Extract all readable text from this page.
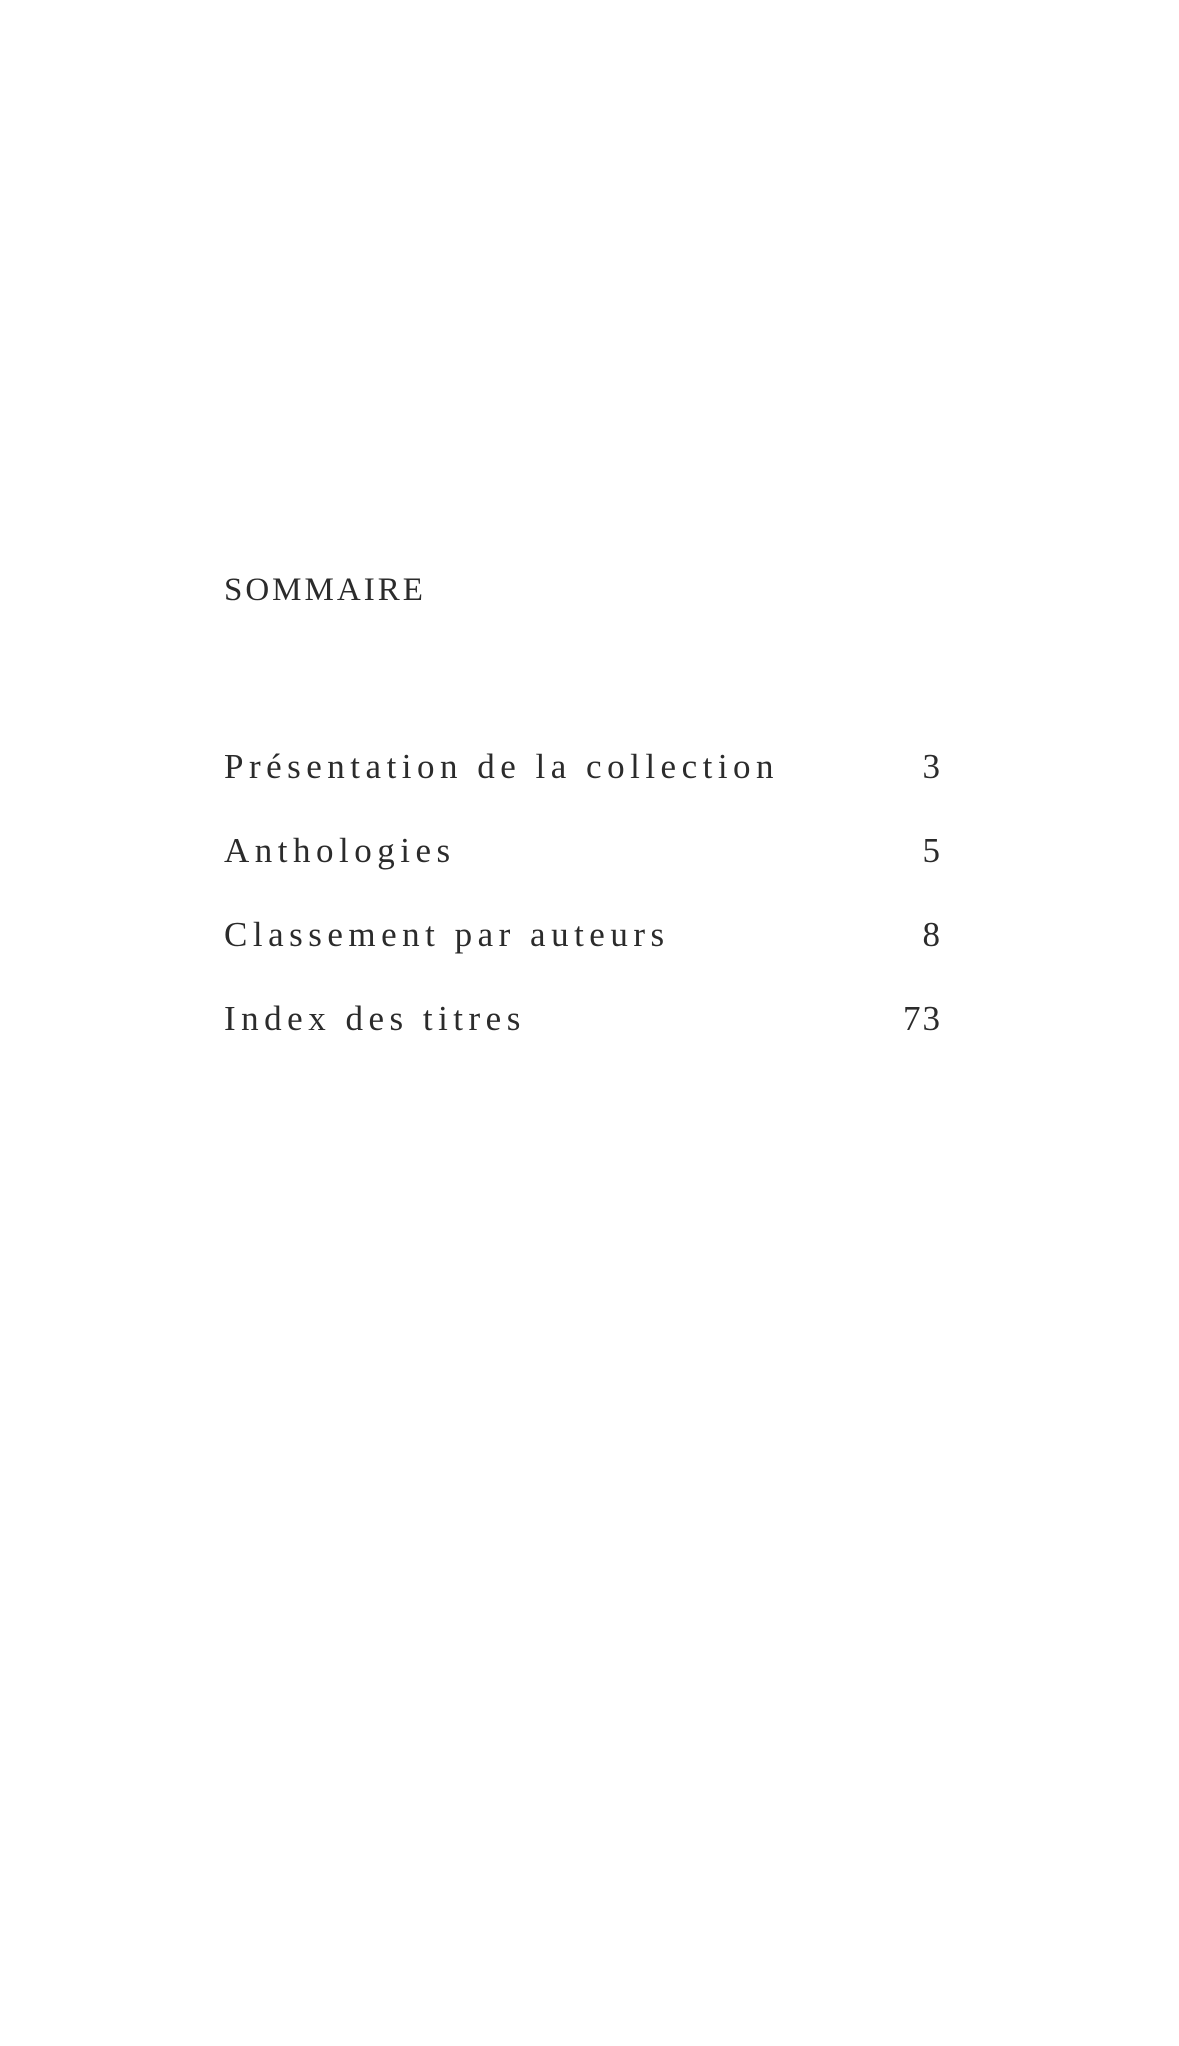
SOMMAIRE
Présentation de la collection	3
Anthologies	5
Classement par auteurs	8
Index des titres	73
